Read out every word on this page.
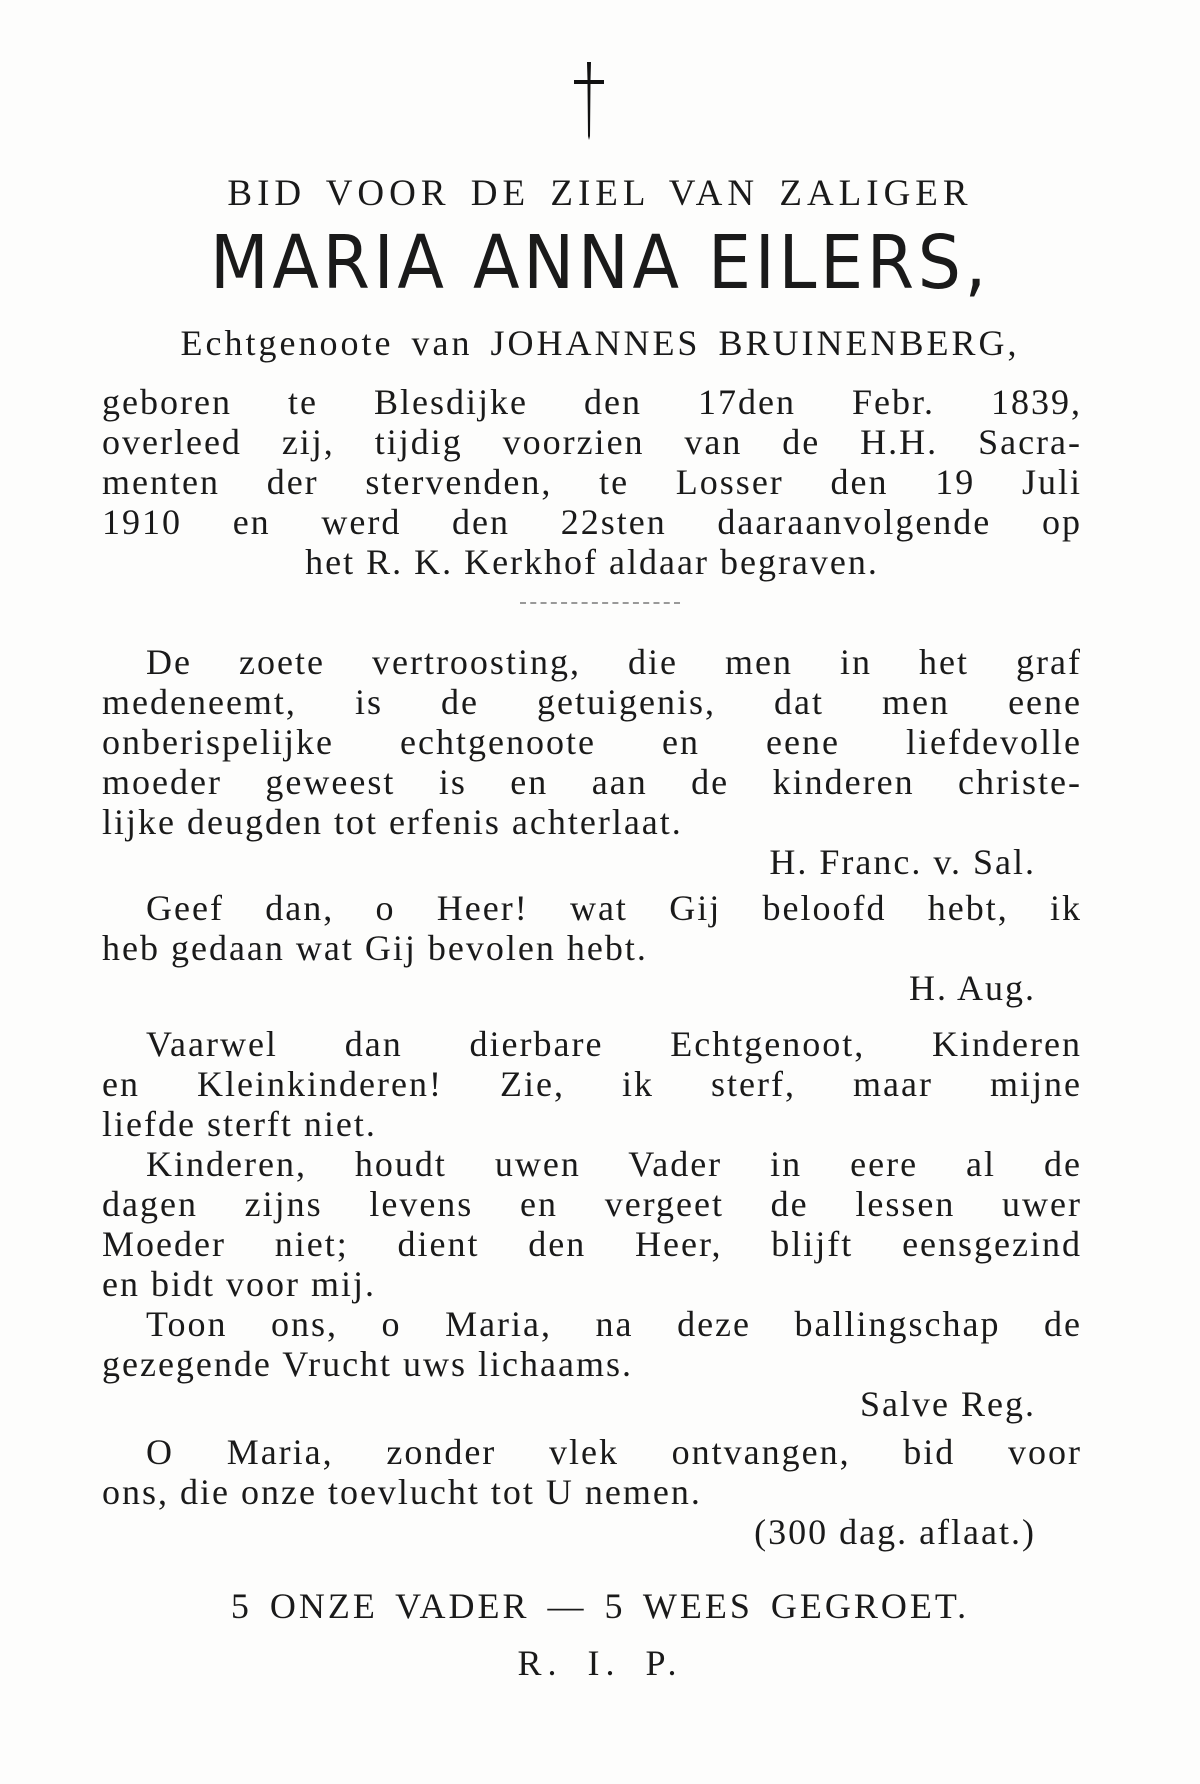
BID VOOR DE ZIEL VAN ZALIGER
MARIA ANNA EILERS,
Echtgenoote van JOHANNES BRUINENBERG,

geboren te Blesdijke den 17den Febr. 1839,

overleed zij, tijdig voorzien van de H.H. Sacra-

menten der stervenden, te Losser den 19 Juli

1910 en werd den 22sten daaraanvolgende op

het R. K. Kerkhof aldaar begraven.

De zoete vertroosting, die men in het graf

medeneemt, is de getuigenis, dat men eene

onberispelijke echtgenoote en eene liefdevolle

moeder geweest is en aan de kinderen christe-

lijke deugden tot erfenis achterlaat.

H. Franc. v. Sal.

Geef dan, o Heer! wat Gij beloofd hebt, ik

heb gedaan wat Gij bevolen hebt.

H. Aug.

Vaarwel dan dierbare Echtgenoot, Kinderen

en Kleinkinderen! Zie, ik sterf, maar mijne

liefde sterft niet.

Kinderen, houdt uwen Vader in eere al de

dagen zijns levens en vergeet de lessen uwer

Moeder niet; dient den Heer, blijft eensgezind

en bidt voor mij.

Toon ons, o Maria, na deze ballingschap de

gezegende Vrucht uws lichaams.

Salve Reg.

O Maria, zonder vlek ontvangen, bid voor

ons, die onze toevlucht tot U nemen.

(300 dag. aflaat.)

5 ONZE VADER — 5 WEES GEGROET.
R. I. P.
